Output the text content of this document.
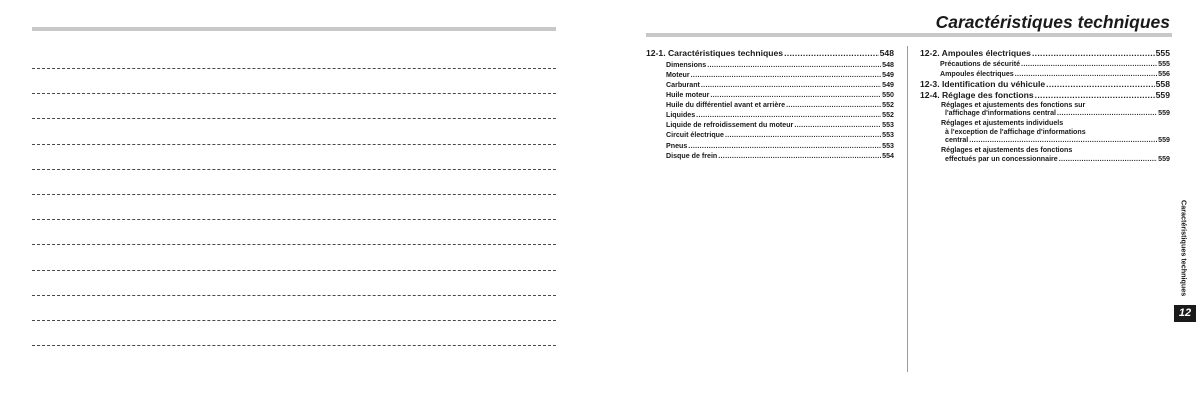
Caractéristiques techniques
12-1. Caractéristiques techniques .....	548
Dimensions .....	548
Moteur .....	549
Carburant .....	549
Huile moteur .....	550
Huile du différentiel avant et arrière .....	552
Liquides .....	552
Liquide de refroidissement du moteur .....	553
Circuit électrique .....	553
Pneus .....	553
Disque de frein .....	554
12-2. Ampoules électriques .....	555
Précautions de sécurité .....	555
Ampoules électriques .....	556
12-3. Identification du véhicule .....	558
12-4. Réglage des fonctions .....	559
Réglages et ajustements des fonctions sur
l'affichage d'informations central .....	559
Réglages et ajustements individuels
à l'exception de l'affichage d'informations
central .....	559
Réglages et ajustements des fonctions
effectués par un concessionnaire .....	559
Caractéristiques techniques
12
